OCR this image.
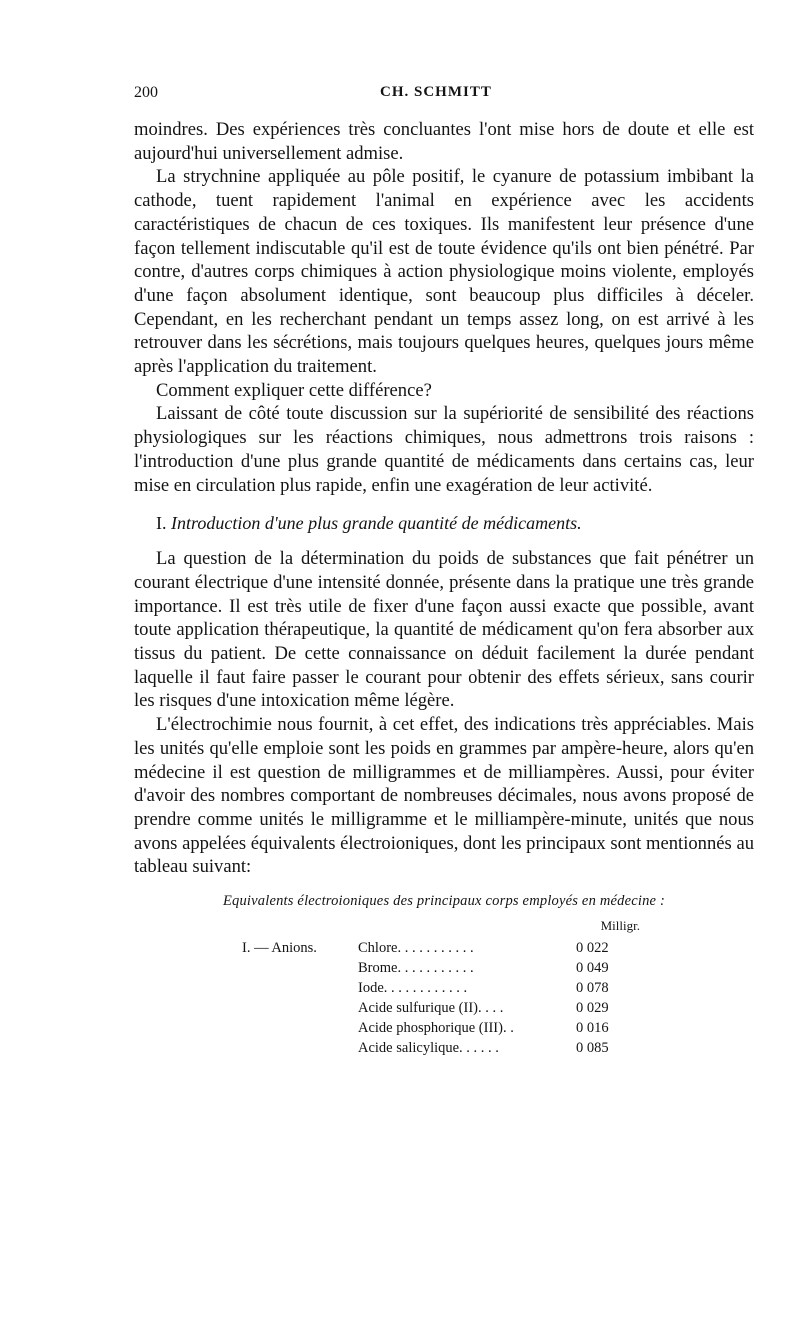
200	CH. SCHMITT

moindres. Des expériences très concluantes l'ont mise hors de doute et elle est aujourd'hui universellement admise.

La strychnine appliquée au pôle positif, le cyanure de potassium imbibant la cathode, tuent rapidement l'animal en expérience avec les accidents caractéristiques de chacun de ces toxiques. Ils manifestent leur présence d'une façon tellement indiscutable qu'il est de toute évidence qu'ils ont bien pénétré. Par contre, d'autres corps chimiques à action physiologique moins violente, employés d'une façon absolument identique, sont beaucoup plus difficiles à déceler. Cependant, en les recherchant pendant un temps assez long, on est arrivé à les retrouver dans les sécrétions, mais toujours quelques heures, quelques jours même après l'application du traitement.

Comment expliquer cette différence?

Laissant de côté toute discussion sur la supériorité de sensibilité des réactions physiologiques sur les réactions chimiques, nous admettrons trois raisons : l'introduction d'une plus grande quantité de médicaments dans certains cas, leur mise en circulation plus rapide, enfin une exagération de leur activité.

I. Introduction d'une plus grande quantité de médicaments.

La question de la détermination du poids de substances que fait pénétrer un courant électrique d'une intensité donnée, présente dans la pratique une très grande importance. Il est très utile de fixer d'une façon aussi exacte que possible, avant toute application thérapeutique, la quantité de médicament qu'on fera absorber aux tissus du patient. De cette connaissance on déduit facilement la durée pendant laquelle il faut faire passer le courant pour obtenir des effets sérieux, sans courir les risques d'une intoxication même légère.

L'électrochimie nous fournit, à cet effet, des indications très appréciables. Mais les unités qu'elle emploie sont les poids en grammes par ampère-heure, alors qu'en médecine il est question de milligrammes et de milliampères. Aussi, pour éviter d'avoir des nombres comportant de nombreuses décimales, nous avons proposé de prendre comme unités le milligramme et le milliampère-minute, unités que nous avons appelées équivalents électroioniques, dont les principaux sont mentionnés au tableau suivant:

Equivalents électroioniques des principaux corps employés en médecine :
Milligr.
I. — Anions.	Chlore. . . . . . . . . . .	0 022
	Brome. . . . . . . . . . .	0 049
	Iode. . . . . . . . . . . .	0 078
	Acide sulfurique (II). . . .	0 029
	Acide phosphorique (III). .	0 016
	Acide salicylique. . . . . .	0 085
